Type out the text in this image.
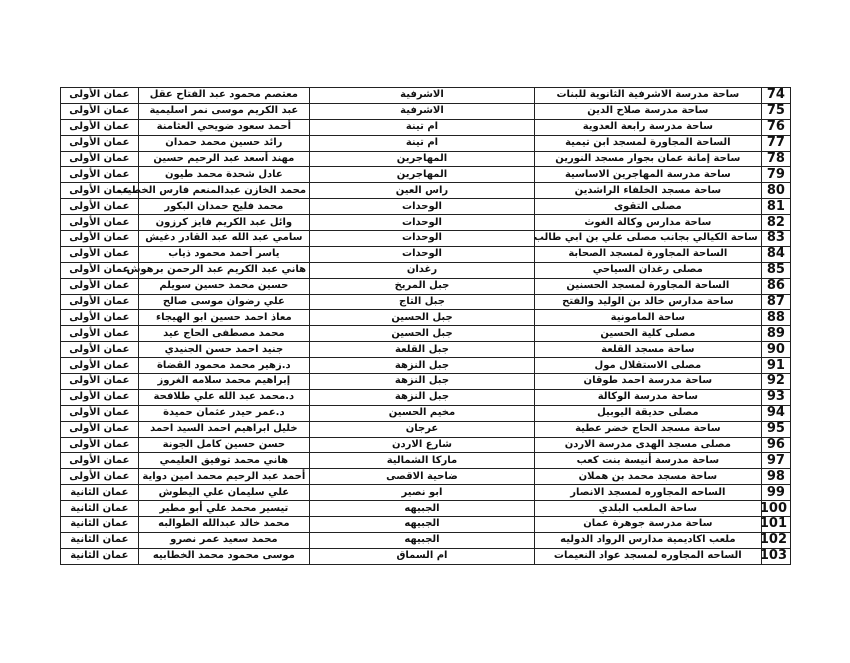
74	ساحة مدرسة الاشرفية الثانوية للبنات	الاشرفية	معتصم محمود عبد الفتاح عقل	عمان الأولى
75	ساحة مدرسة صلاح الدين	الاشرفية	عبد الكريم موسى نمر اسليمية	عمان الأولى
76	ساحة مدرسة رابعة العدوية	ام تينة	أحمد سعود ضويحي العثامنة	عمان الأولى
77	الساحة المجاورة لمسجد ابن تيمية	ام تينة	رائد حسين محمد حمدان	عمان الأولى
78	ساحة إمانة عمان بجوار مسجد النورين	المهاجرين	مهند أسعد عبد الرحيم حسين	عمان الأولى
79	ساحة مدرسة المهاجرين الاساسية	المهاجرين	عادل شحدة محمد طيون	عمان الأولى
80	ساحة مسجد الخلفاء الراشدين	راس العين	محمد الخازن عبدالمنعم فارس الخطيب	عمان الأولى
81	مصلى التقوى	الوحدات	محمد فليح حمدان البكور	عمان الأولى
82	ساحة مدارس وكالة الغوث	الوحدات	وائل عبد الكريم فايز كرزون	عمان الأولى
83	ساحة الكيالي بجانب مصلى علي بن ابي طالب	الوحدات	سامي عبد الله عبد القادر دغيش	عمان الأولى
84	الساحة المجاورة لمسجد الصحابة	الوحدات	ياسر أحمد محمود ذياب	عمان الأولى
85	مصلى رغدان السياحي	رغدان	هاني عبد الكريم عبد الرحمن برهوش	عمان الأولى
86	الساحة المجاورة لمسجد الحسنين	جبل المريخ	حسين محمد حسين سويلم	عمان الأولى
87	ساحة مدارس خالد بن الوليد والفتح	جبل التاج	علي رضوان موسى صالح	عمان الأولى
88	ساحة المامونية	جبل الحسين	معاذ احمد حسين ابو الهيجاء	عمان الأولى
89	مصلى كلية الحسين	جبل الحسين	محمد مصطفى الحاج عيد	عمان الأولى
90	ساحة مسجد القلعة	جبل القلعة	جنيد احمد حسن الجنيدي	عمان الأولى
91	مصلى الاستقلال مول	جبل النزهة	د.زهير محمد محمود القضاة	عمان الأولى
92	ساحة مدرسة احمد طوقان	جبل النزهة	إبراهيم محمد سلامه الغروز	عمان الأولى
93	ساحة مدرسة الوكالة	جبل النزهة	د.محمد عبد الله علي طلافحة	عمان الأولى
94	مصلى حديقة اليوبيل	مخيم الحسين	د.عمر حيدر عثمان حميدة	عمان الأولى
95	ساحة مسجد الحاج خضر عطية	عرجان	خليل ابراهيم احمد السيد احمد	عمان الأولى
96	مصلى مسجد الهدى مدرسة الاردن	شارع الاردن	حسن حسين كامل الجونة	عمان الأولى
97	ساحة مدرسة أنيسة بنت كعب	ماركا الشمالية	هاني محمد توفيق العليمي	عمان الأولى
98	ساحة مسجد محمد بن هملان	ضاحية الاقصى	أحمد عبد الرحيم محمد امين دواية	عمان الأولى
99	الساحه المجاوره لمسجد الانصار	ابو نصير	علي سليمان علي اليطوش	عمان الثانية
100	ساحة الملعب البلدي	الجبيهه	تيسير محمد علي أبو مطير	عمان الثانية
101	ساحة مدرسة جوهرة عمان	الجبيهه	محمد خالد عبدالله الطوالبه	عمان الثانية
102	ملعب اكاديمية مدارس الرواد الدوليه	الجبيهه	محمد سعيد عمر نصرو	عمان الثانية
103	الساحه المجاوره لمسجد عواد النعيمات	ام السماق	موسى محمود محمد الخطابيه	عمان الثانية
